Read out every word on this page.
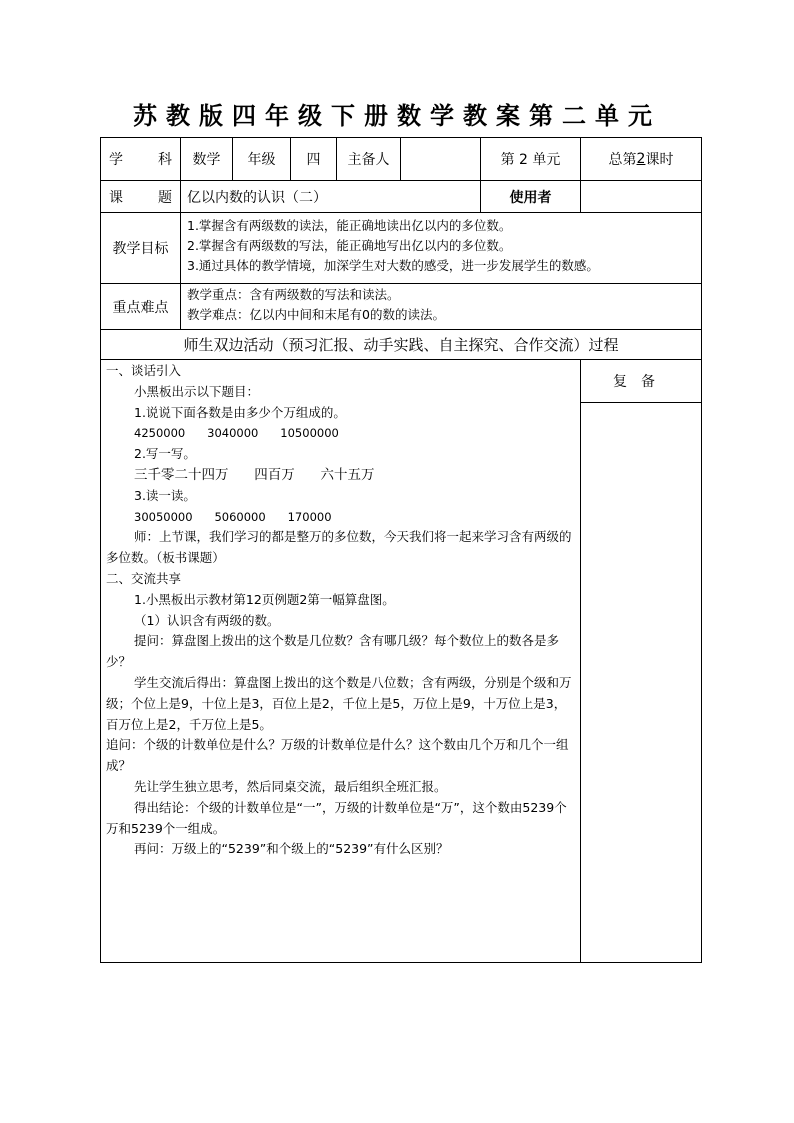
苏教版四年级下册数学教案第二单元
学	科	数学	年级	四	主备人	第 2 单元	总第 2 课时
课	题	亿以内数的认识（二）	使用者
教学目标
1.掌握含有两级数的读法，能正确地读出亿以内的多位数。
2.掌握含有两级数的写法，能正确地写出亿以内的多位数。
3.通过具体的教学情境，加深学生对大数的感受，进一步发展学生的数感。
重点难点
教学重点：含有两级数的写法和读法。
教学难点：亿以内中间和末尾有0的数的读法。
师生双边活动（预习汇报、动手实践、自主探究、合作交流）过程

一、谈话引入

小黑板出示以下题目：

1.说说下面各数是由多少个万组成的。

4250000      3040000      10500000

2.写一写。

三千零二十四万      四百万      六十五万

3.读一读。

30050000      5060000      170000

师：上节课，我们学习的都是整万的多位数，今天我们将一起来学习含有两级的多位数。（板书课题）

二、交流共享

1.小黑板出示教材第12页例题2第一幅算盘图。

（1）认识含有两级的数。

提问：算盘图上拨出的这个数是几位数？含有哪几级？每个数位上的数各是多少？

学生交流后得出：算盘图上拨出的这个数是八位数；含有两级，分别是个级和万级；个位上是9，十位上是3，百位上是2，千位上是5，万位上是9，十万位上是3，百万位上是2，千万位上是5。

追问：个级的计数单位是什么？万级的计数单位是什么？这个数由几个万和几个一组成？

先让学生独立思考，然后同桌交流，最后组织全班汇报。

得出结论：个级的计数单位是“一”，万级的计数单位是“万”，这个数由5239个万和5239个一组成。

再问：万级上的“5239”和个级上的“5239”有什么区别？

复备
